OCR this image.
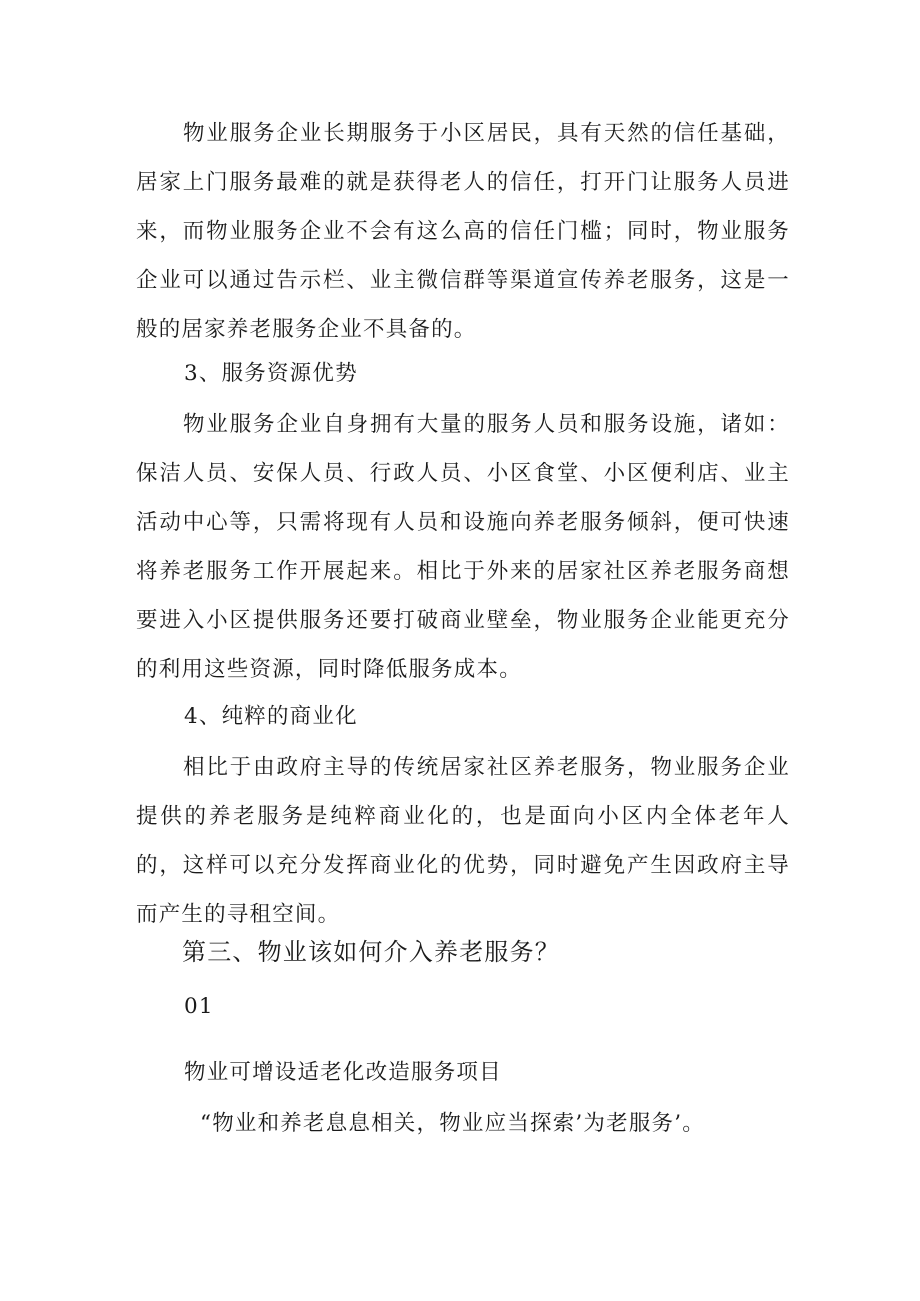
物业服务企业长期服务于小区居民，具有天然的信任基础，居家上门服务最难的就是获得老人的信任，打开门让服务人员进来，而物业服务企业不会有这么高的信任门槛；同时，物业服务企业可以通过告示栏、业主微信群等渠道宣传养老服务，这是一般的居家养老服务企业不具备的。

3、服务资源优势

物业服务企业自身拥有大量的服务人员和服务设施，诸如：保洁人员、安保人员、行政人员、小区食堂、小区便利店、业主活动中心等，只需将现有人员和设施向养老服务倾斜，便可快速将养老服务工作开展起来。相比于外来的居家社区养老服务商想要进入小区提供服务还要打破商业壁垒，物业服务企业能更充分的利用这些资源，同时降低服务成本。

4、纯粹的商业化

相比于由政府主导的传统居家社区养老服务，物业服务企业提供的养老服务是纯粹商业化的，也是面向小区内全体老年人的，这样可以充分发挥商业化的优势，同时避免产生因政府主导而产生的寻租空间。

第三、物业该如何介入养老服务？

01

物业可增设适老化改造服务项目

“物业和养老息息相关，物业应当探索’为老服务’。
